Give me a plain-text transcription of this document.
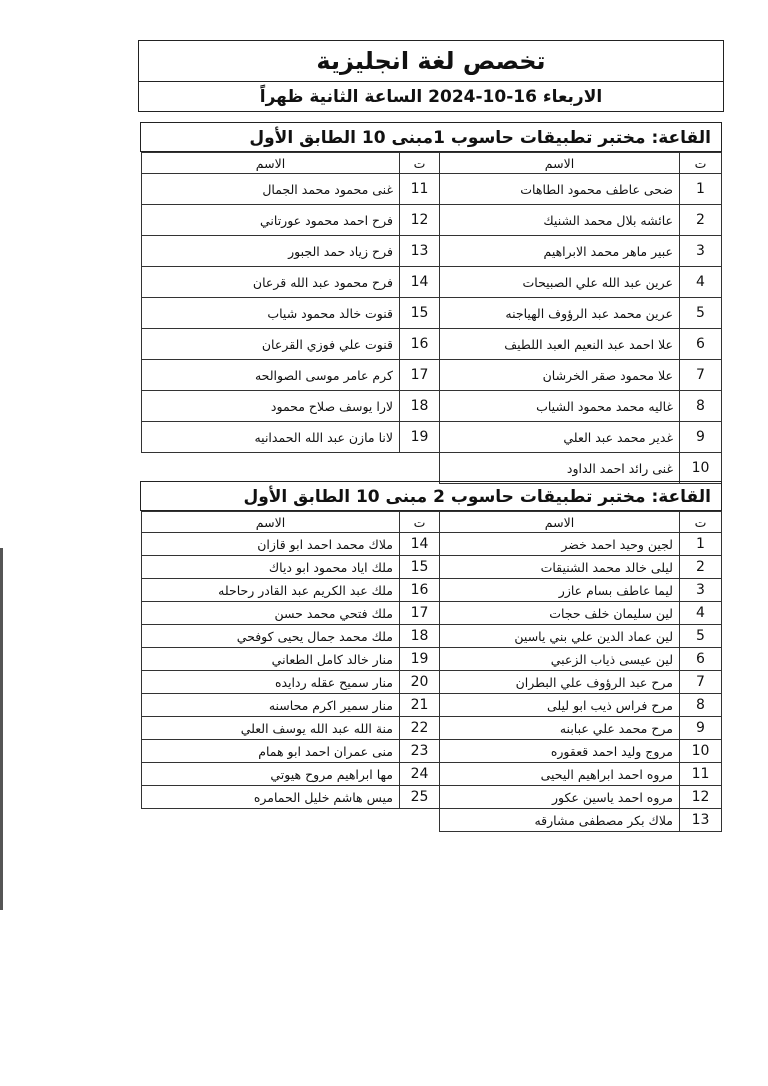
تخصص لغة انجليزية
الاربعاء 16-10-2024 الساعة الثانية ظهراً
القاعة: مختبر تطبيقات حاسوب 1مبنى 10 الطابق الأول
ت	الاسم	ت	الاسم
1	ضحى عاطف محمود الطاهات	11	غنى محمود محمد الجمال
2	عائشه بلال محمد الشنيك	12	فرح احمد محمود عورتاني
3	عبير ماهر محمد الابراهيم	13	فرح زياد حمد الجبور
4	عرين عبد الله علي الصبيحات	14	فرح محمود عبد الله قرعان
5	عرين محمد عبد الرؤوف الهياجنه	15	قنوت خالد محمود شياب
6	علا احمد عبد النعيم العبد اللطيف	16	قنوت علي فوزي القرعان
7	علا محمود صقر الخرشان	17	كرم عامر موسى الصوالحه
8	غاليه محمد محمود الشياب	18	لارا يوسف صلاح محمود
9	غدير محمد عبد العلي	19	لانا مازن عبد الله الحمدانيه
10	غنى رائد احمد الداود		
القاعة: مختبر تطبيقات حاسوب 2 مبنى 10 الطابق الأول
ت	الاسم	ت	الاسم
1	لجين وحيد احمد خضر	14	ملاك محمد احمد ابو قازان
2	ليلى خالد محمد الشنيقات	15	ملك اياد محمود ابو دياك
3	ليما عاطف بسام عازر	16	ملك عبد الكريم عبد القادر رحاحله
4	لين سليمان خلف حجات	17	ملك فتحي محمد حسن
5	لين عماد الدين علي بني ياسين	18	ملك محمد جمال يحيى كوفحي
6	لين عيسى ذياب الزعبي	19	منار خالد كامل الطعاني
7	مرح عبد الرؤوف علي البطران	20	منار سميح عقله ردايده
8	مرح فراس ذيب ابو ليلى	21	منار سمير اكرم محاسنه
9	مرح محمد علي عبابنه	22	منة الله عبد الله يوسف العلي
10	مروج وليد احمد قعقوره	23	منى عمران احمد ابو همام
11	مروه احمد ابراهيم اليحيى	24	مها ابراهيم مروح هيوتي
12	مروه احمد ياسين عكور	25	ميس هاشم خليل الحمامره
13	ملاك بكر مصطفى مشارقه		
